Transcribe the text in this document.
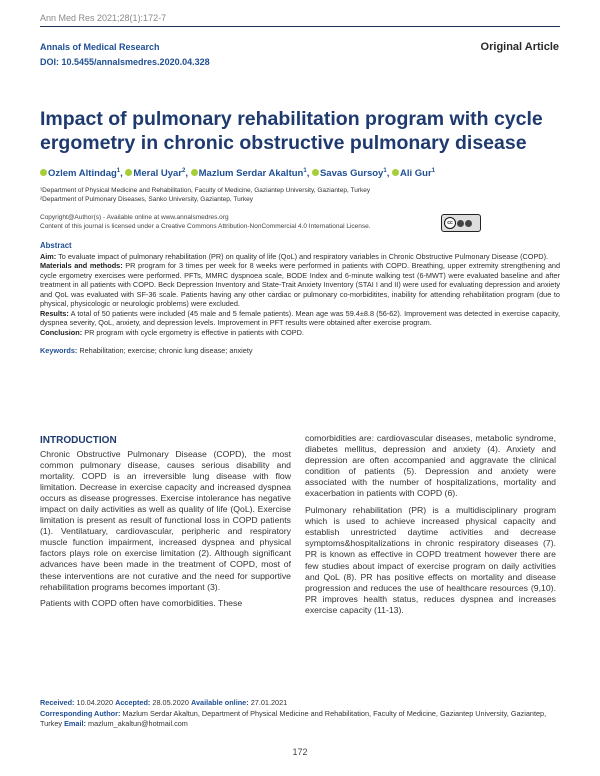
Ann Med Res 2021;28(1):172-7
Annals of Medical Research
DOI: 10.5455/annalsmedres.2020.04.328
Original Article
Impact of pulmonary rehabilitation program with cycle ergometry in chronic obstructive pulmonary disease
Ozlem Altindag$^1$, Meral Uyar$^2$, Mazlum Serdar Akaltun$^1$, Savas Gursoy$^1$, Ali Gur$^1$
¹Department of Physical Medicine and Rehabilitation, Faculty of Medicine, Gaziantep University, Gaziantep, Turkey
²Department of Pulmonary Diseases, Sanko University, Gaziantep, Turkey
Copyright@Author(s) - Available online at www.annalsmedres.org
Content of this journal is licensed under a Creative Commons Attribution-NonCommercial 4.0 International License.	cc
Abstract

Aim: To evaluate impact of pulmonary rehabilitation (PR) on quality of life (QoL) and respiratory variables in Chronic Obstructive Pulmonary Disease (COPD).

Materials and methods: PR program for 3 times per week for 8 weeks were performed in patients with COPD. Breathing, upper extremity strengthening and cycle ergometry exercises were performed. PFTs, MMRC dyspnoea scale, BODE Index and 6-minute walking test (6-MWT) were evaluated baseline and after treatment in all patients with COPD. Beck Depression Inventory and State-Trait Anxiety Inventory (STAI I and II) were used for evaluating depression and anxiety and QoL was evaluated with SF-36 scale. Patients having any other cardiac or pulmonary co-morbiditites, inability for attending rehabilitation program (due to physical, physicologic or neurologic problems) were excluded.

Results: A total of 50 patients were included (45 male and 5 female patients). Mean age was 59.4±8.8 (56-62). Improvement was detected in exercise capacity, dyspnea severity, QoL, anxiety, and depression levels. Improvement in PFT results were obtained after exercise program.

Conclusion: PR program with cycle ergometry is effective in patients with COPD.

Keywords: Rehabilitation; exercise; chronic lung disease; anxiety

INTRODUCTION

Chronic Obstructive Pulmonary Disease (COPD), the most common pulmonary disease, causes serious disability and mortality. COPD is an irreversible lung disease with flow limitation. Decrease in exercise capacity and increased dyspnea occurs as disease progresses. Exercise intolerance has negative impact on daily activities as well as quality of life (QoL). Exercise limitation is present as result of functional loss in COPD patients (1). Ventilatuary, cardiovascular, peripheric and respiratory muscle function impairment, increased dyspnea and physical factors plays role on exercise limitation (2). Although significant advances have been made in the treatment of COPD, most of these interventions are not curative and the need for supportive rehabilitation programs becomes important (3).

Patients with COPD often have comorbidities. These

comorbidities are: cardiovascular diseases, metabolic syndrome, diabetes mellitus, depression and anxiety (4). Anxiety and depression are often accompanied and aggravate the clinical condition of patients (5). Depression and anxiety were associated with the number of hospitalizations, mortality and exacerbation in patients with COPD (6).

Pulmonary rehabilitation (PR) is a multidisciplinary program which is used to achieve increased physical capacity and establish unrestricted daytime activities and decrease symptoms&hospitalizations in chronic respiratory diseases (7). PR is known as effective in COPD treatment however there are few studies about impact of exercise program on daily activities and QoL (8). PR has positive effects on mortality and disease progression and reduces the use of healthcare resources (9,10). PR improves health status, reduces dyspnea and increases exercise capacity (11-13).

Received: 10.04.2020 Accepted: 28.05.2020 Available online: 27.01.2021
Corresponding Author: Mazlum Serdar Akaltun, Department of Physical Medicine and Rehabilitation, Faculty of Medicine, Gaziantep University, Gaziantep, Turkey Email: mazlum_akaltun@hotmail.com
172
